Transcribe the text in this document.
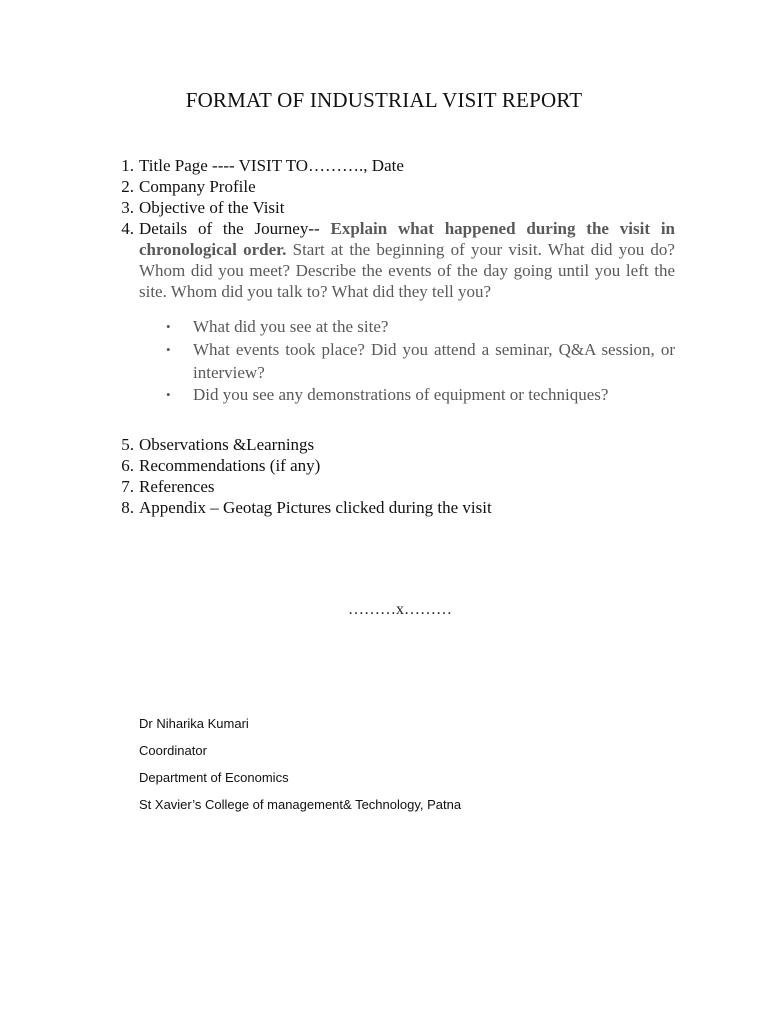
FORMAT OF INDUSTRIAL VISIT REPORT
1. Title Page ---- VISIT TO………., Date
2. Company Profile
3. Objective of the Visit
4. Details of the Journey-- Explain what happened during the visit in chronological order. Start at the beginning of your visit. What did you do? Whom did you meet? Describe the events of the day going until you left the site. Whom did you talk to? What did they tell you?
• What did you see at the site?
• What events took place? Did you attend a seminar, Q&A session, or interview?
• Did you see any demonstrations of equipment or techniques?
5. Observations &Learnings
6. Recommendations (if any)
7. References
8. Appendix – Geotag Pictures clicked during the visit
………x………
Dr Niharika Kumari
Coordinator
Department of Economics
St Xavier’s College of management& Technology, Patna
